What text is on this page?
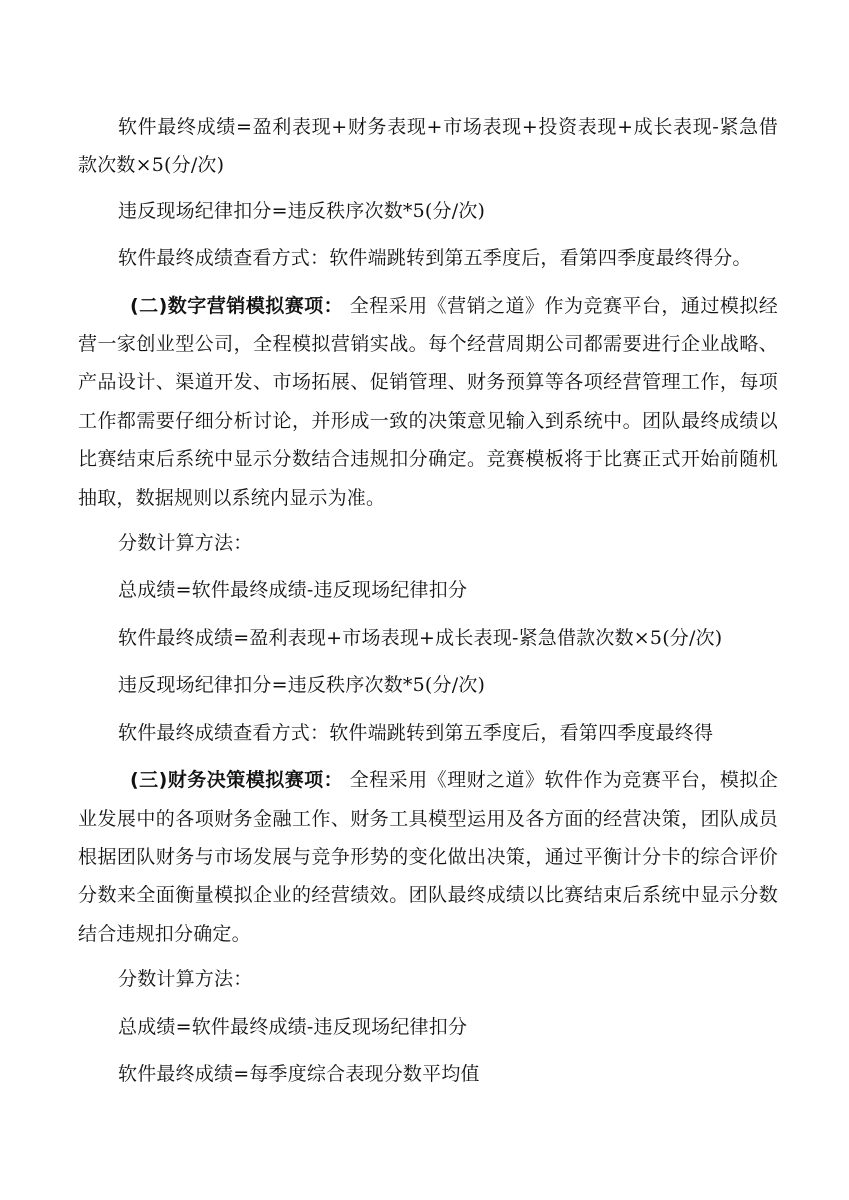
软件最终成绩=盈利表现+财务表现+市场表现+投资表现+成长表现-紧急借款次数×5(分/次)

违反现场纪律扣分=违反秩序次数*5(分/次)

软件最终成绩查看方式：软件端跳转到第五季度后，看第四季度最终得分。

(二)数字营销模拟赛项： 全程采用《营销之道》作为竞赛平台，通过模拟经营一家创业型公司，全程模拟营销实战。每个经营周期公司都需要进行企业战略、产品设计、渠道开发、市场拓展、促销管理、财务预算等各项经营管理工作，每项工作都需要仔细分析讨论，并形成一致的决策意见输入到系统中。团队最终成绩以比赛结束后系统中显示分数结合违规扣分确定。竞赛模板将于比赛正式开始前随机抽取，数据规则以系统内显示为准。

分数计算方法：

总成绩=软件最终成绩-违反现场纪律扣分

软件最终成绩=盈利表现+市场表现+成长表现-紧急借款次数×5(分/次)

违反现场纪律扣分=违反秩序次数*5(分/次)

软件最终成绩查看方式：软件端跳转到第五季度后，看第四季度最终得

(三)财务决策模拟赛项： 全程采用《理财之道》软件作为竞赛平台，模拟企业发展中的各项财务金融工作、财务工具模型运用及各方面的经营决策，团队成员根据团队财务与市场发展与竞争形势的变化做出决策，通过平衡计分卡的综合评价分数来全面衡量模拟企业的经营绩效。团队最终成绩以比赛结束后系统中显示分数结合违规扣分确定。

分数计算方法：

总成绩=软件最终成绩-违反现场纪律扣分

软件最终成绩=每季度综合表现分数平均值
